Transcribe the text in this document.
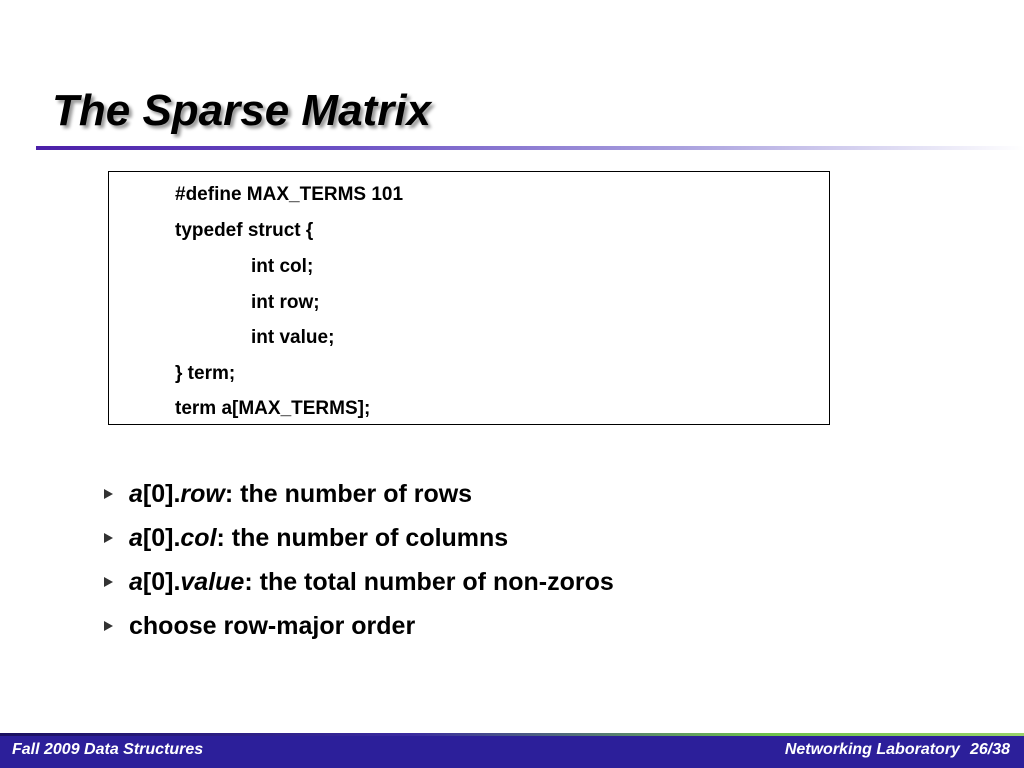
The Sparse Matrix
#define MAX_TERMS 101
typedef struct {
int col;
int row;
int value;
} term;
term a[MAX_TERMS];
a[0].row: the number of rows
a[0].col: the number of columns
a[0].value: the total number of non-zoros
choose row-major order
Fall 2009 Data Structures	Networking Laboratory 26/38
